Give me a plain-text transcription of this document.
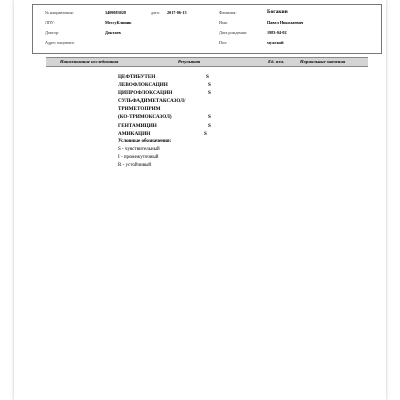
№ направления:	3409083028	дата: 2017-06-13	Фамилия:	Богакин
ЛПУ:	МессуКлиник	Имя:	Павел Николаевич
Доктор:	Доктаев	Дата рождения:	1983-04-02
Адрес пациента:	Пол:	мужской
Наименование исследования	Результат	Ед. изм.	Нормальные значения
ЦЕФТИБУТЕН	S
ЛЕВОФЛОКСАЦИН	S
ЦИПРОФЛОКСАЦИН	S
СУЛЬФАДИМЕТАКСАЗОЛ/
ТРИМЕТОПРИМ
(КО-ТРИМОКСАЗОЛ)	S
ГЕНТАМИЦИН	S
АМИКАЦИН	S
Условные обозначения:
S - чувствительный
I - промежуточный
R - устойчивый
